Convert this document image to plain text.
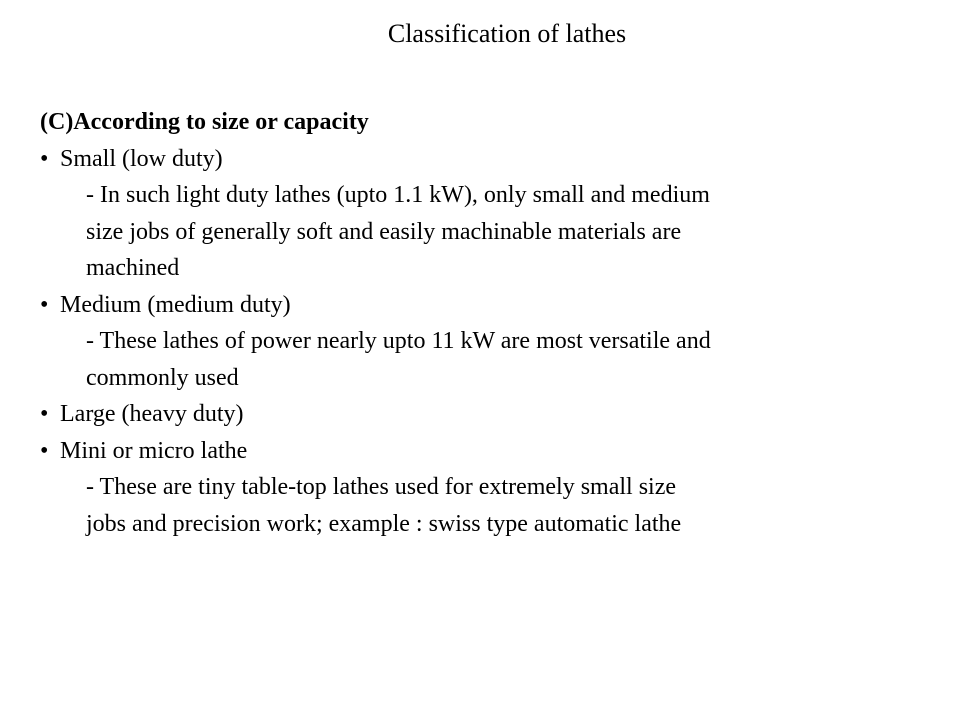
Classification of lathes
(C)According to size or capacity
• Small (low duty)
- In such light duty lathes (upto 1.1 kW), only small and medium
size jobs of generally soft and easily machinable materials are
machined
• Medium (medium duty)
- These lathes of power nearly upto 11 kW are most versatile and
commonly used
• Large (heavy duty)
• Mini or micro lathe
- These are tiny table-top lathes used for extremely small size
jobs and precision work; example : swiss type automatic lathe
